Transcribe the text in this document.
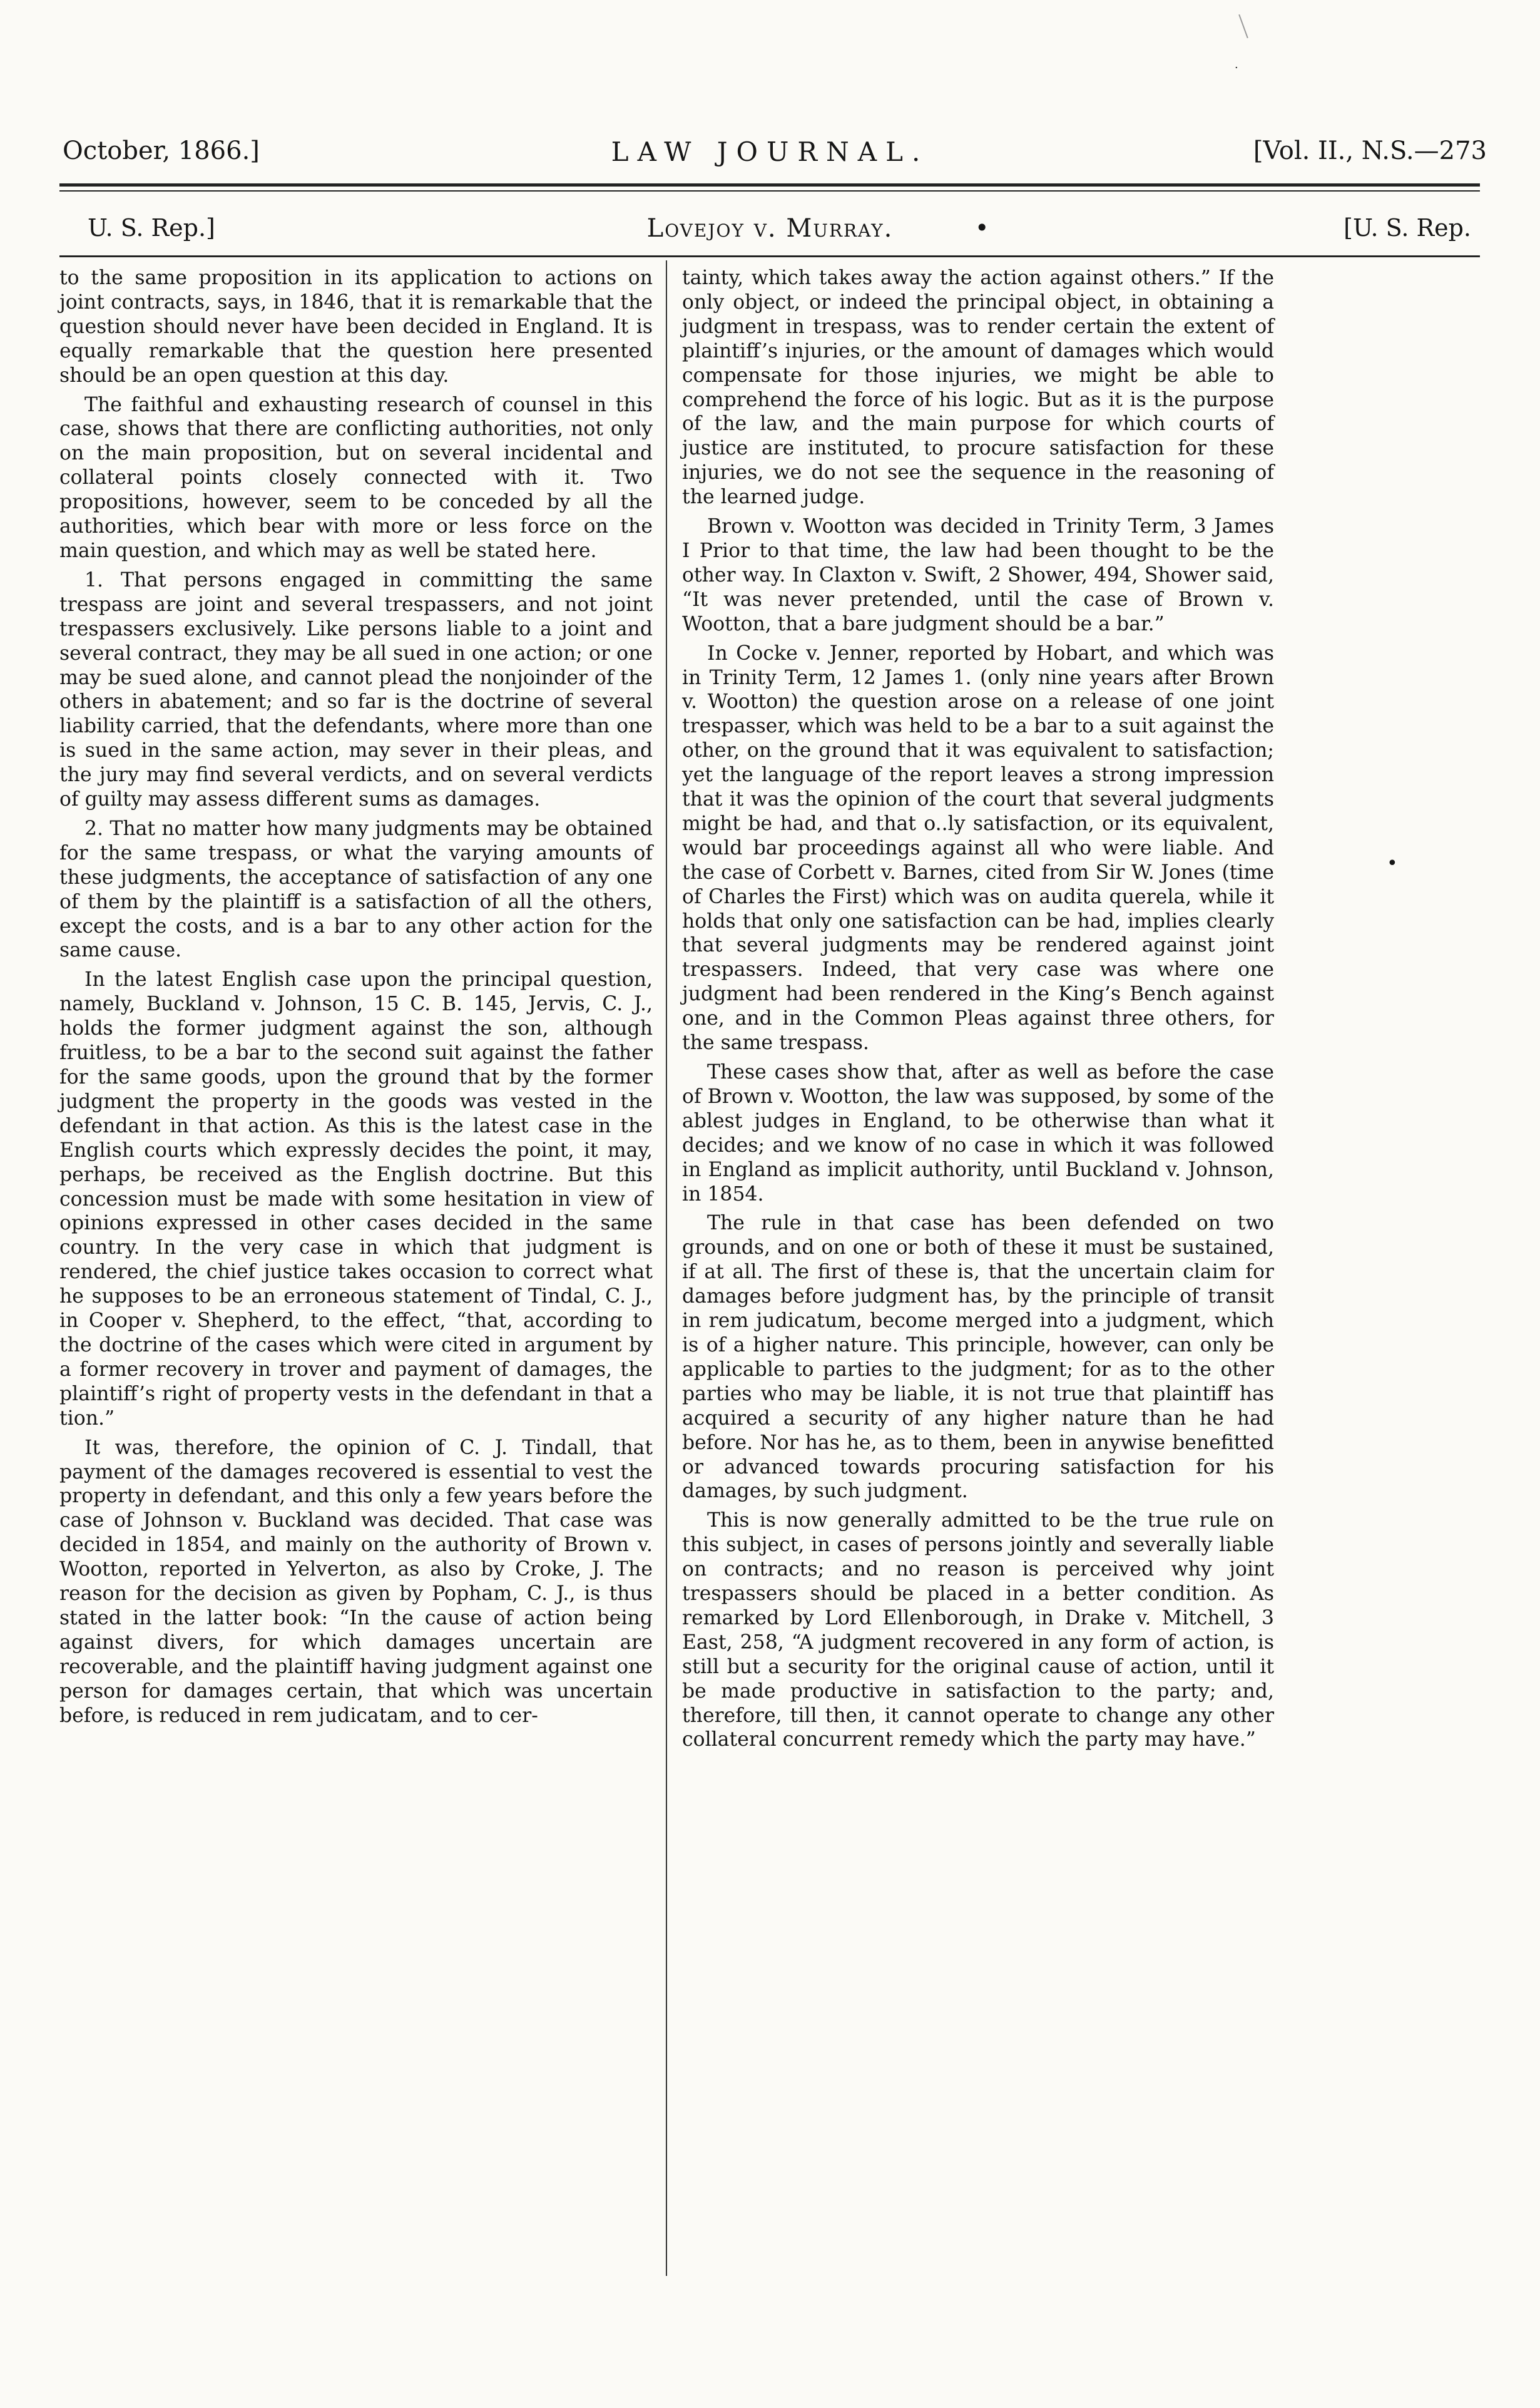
·
October, 1866.]	LAW JOURNAL.	[Vol. II., N.S.—273
U. S. Rep.]	Lovejoy v. Murray.	•	[U. S. Rep.

to the same proposition in its application to actions on joint contracts, says, in 1846, that it is remarkable that the question should never have been decided in England. It is equally remarkable that the question here presented should be an open question at this day.

The faithful and exhausting research of counsel in this case, shows that there are conflicting authorities, not only on the main proposition, but on several incidental and collateral points closely connected with it. Two propositions, however, seem to be conceded by all the authorities, which bear with more or less force on the main question, and which may as well be stated here.

1. That persons engaged in committing the same trespass are joint and several trespassers, and not joint trespassers exclusively. Like persons liable to a joint and several contract, they may be all sued in one action; or one may be sued alone, and cannot plead the nonjoinder of the others in abatement; and so far is the doctrine of several liability carried, that the defendants, where more than one is sued in the same action, may sever in their pleas, and the jury may find several verdicts, and on several verdicts of guilty may assess different sums as damages.

2. That no matter how many judgments may be obtained for the same trespass, or what the varying amounts of these judgments, the acceptance of satisfaction of any one of them by the plaintiff is a satisfaction of all the others, except the costs, and is a bar to any other action for the same cause.

In the latest English case upon the principal question, namely, Buckland v. Johnson, 15 C. B. 145, Jervis, C. J., holds the former judgment against the son, although fruitless, to be a bar to the second suit against the father for the same goods, upon the ground that by the former judgment the property in the goods was vested in the defendant in that action. As this is the latest case in the English courts which expressly decides the point, it may, perhaps, be received as the English doctrine. But this concession must be made with some hesitation in view of opinions expressed in other cases decided in the same country. In the very case in which that judgment is rendered, the chief justice takes occasion to correct what he supposes to be an erroneous statement of Tindal, C. J., in Cooper v. Shepherd, to the effect, “that, according to the doctrine of the cases which were cited in argument by a former recovery in trover and payment of damages, the plaintiff’s right of property vests in the defendant in that a tion.”

It was, therefore, the opinion of C. J. Tindall, that payment of the damages recovered is essential to vest the property in defendant, and this only a few years before the case of Johnson v. Buckland was decided. That case was decided in 1854, and mainly on the authority of Brown v. Wootton, reported in Yelverton, as also by Croke, J. The reason for the decision as given by Popham, C. J., is thus stated in the latter book: “In the cause of action being against divers, for which damages uncertain are recoverable, and the plaintiff having judgment against one person for damages certain, that which was uncertain before, is reduced in rem judicatam, and to cer-

tainty, which takes away the action against others.” If the only object, or indeed the principal object, in obtaining a judgment in trespass, was to render certain the extent of plaintiff’s injuries, or the amount of damages which would compensate for those injuries, we might be able to comprehend the force of his logic. But as it is the purpose of the law, and the main purpose for which courts of justice are instituted, to procure satisfaction for these injuries, we do not see the sequence in the reasoning of the learned judge.

Brown v. Wootton was decided in Trinity Term, 3 James I Prior to that time, the law had been thought to be the other way. In Claxton v. Swift, 2 Shower, 494, Shower said, “It was never pretended, until the case of Brown v. Wootton, that a bare judgment should be a bar.”

In Cocke v. Jenner, reported by Hobart, and which was in Trinity Term, 12 James 1. (only nine years after Brown v. Wootton) the question arose on a release of one joint trespasser, which was held to be a bar to a suit against the other, on the ground that it was equivalent to satisfaction; yet the language of the report leaves a strong impression that it was the opinion of the court that several judgments might be had, and that o..ly satisfaction, or its equivalent, would bar proceedings against all who were liable. And the case of Corbett v. Barnes, cited from Sir W. Jones (time of Charles the First) which was on audita querela, while it holds that only one satisfaction can be had, implies clearly that several judgments may be rendered against joint trespassers. Indeed, that very case was where one judgment had been rendered in the King’s Bench against one, and in the Common Pleas against three others, for the same trespass.

These cases show that, after as well as before the case of Brown v. Wootton, the law was supposed, by some of the ablest judges in England, to be otherwise than what it decides; and we know of no case in which it was followed in England as implicit authority, until Buckland v. Johnson, in 1854.

The rule in that case has been defended on two grounds, and on one or both of these it must be sustained, if at all. The first of these is, that the uncertain claim for damages before judgment has, by the principle of transit in rem judicatum, become merged into a judgment, which is of a higher nature. This principle, however, can only be applicable to parties to the judgment; for as to the other parties who may be liable, it is not true that plaintiff has acquired a security of any higher nature than he had before. Nor has he, as to them, been in anywise benefitted or advanced towards procuring satisfaction for his damages, by such judgment.

This is now generally admitted to be the true rule on this subject, in cases of persons jointly and severally liable on contracts; and no reason is perceived why joint trespassers should be placed in a better condition. As remarked by Lord Ellenborough, in Drake v. Mitchell, 3 East, 258, “A judgment recovered in any form of action, is still but a security for the original cause of action, until it be made productive in satisfaction to the party; and, therefore, till then, it cannot operate to change any other collateral concurrent remedy which the party may have.”

•
